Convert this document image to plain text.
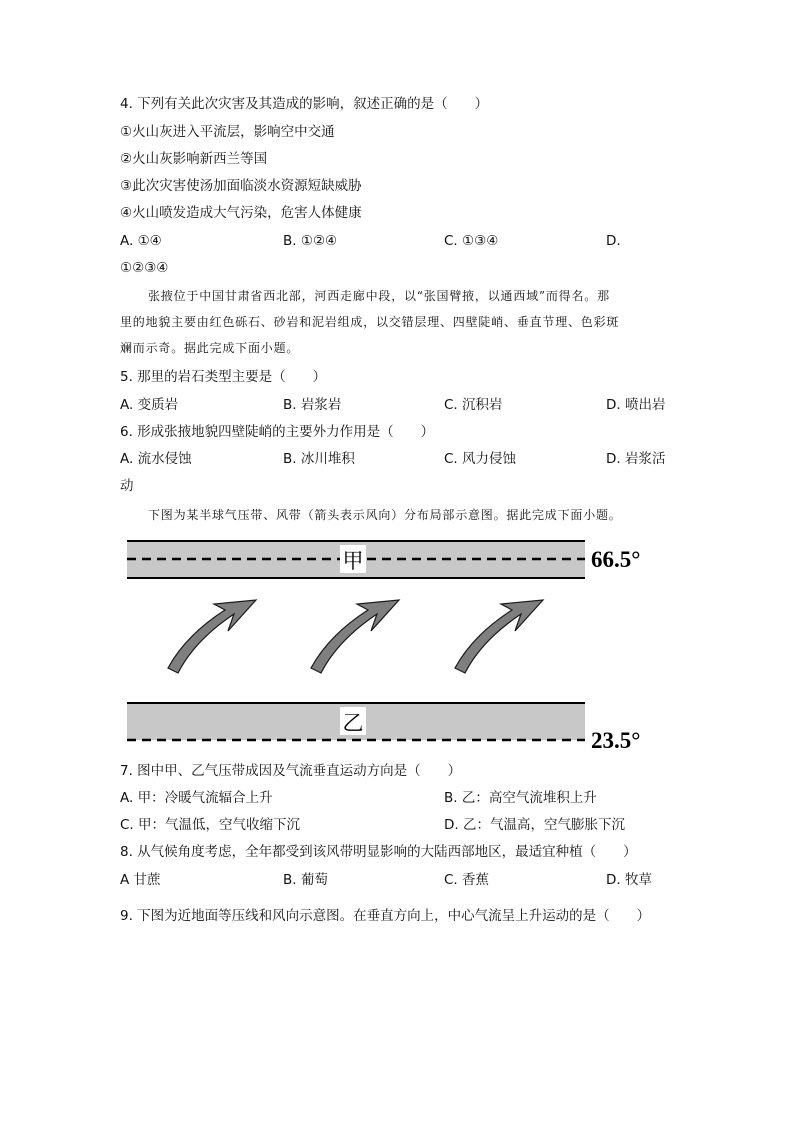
4. 下列有关此次灾害及其造成的影响，叙述正确的是（　　）
①火山灰进入平流层，影响空中交通
②火山灰影响新西兰等国
③此次灾害使汤加面临淡水资源短缺威胁
④火山喷发造成大气污染，危害人体健康
A. ①④	B. ①②④	C. ①③④	D.
①②③④
张掖位于中国甘肃省西北部，河西走廊中段，以“张国臂掖，以通西域”而得名。那
里的地貌主要由红色砾石、砂岩和泥岩组成，以交错层理、四壁陡峭、垂直节理、色彩斑
斓而示奇。据此完成下面小题。
5. 那里的岩石类型主要是（　　）
A. 变质岩	B. 岩浆岩	C. 沉积岩	D. 喷出岩
6. 形成张掖地貌四壁陡峭的主要外力作用是（　　）
A. 流水侵蚀	B. 冰川堆积	C. 风力侵蚀	D. 岩浆活
动
下图为某半球气压带、风带（箭头表示风向）分布局部示意图。据此完成下面小题。
甲	66.5°
乙
23.5°
7. 图中甲、乙气压带成因及气流垂直运动方向是（　　）
A. 甲：冷暖气流辐合上升	B. 乙：高空气流堆积上升
C. 甲：气温低，空气收缩下沉	D. 乙：气温高，空气膨胀下沉
8. 从气候角度考虑，全年都受到该风带明显影响的大陆西部地区，最适宜种植（　　）
A 甘蔗	B. 葡萄	C. 香蕉	D. 牧草
9. 下图为近地面等压线和风向示意图。在垂直方向上，中心气流呈上升运动的是（　　）
